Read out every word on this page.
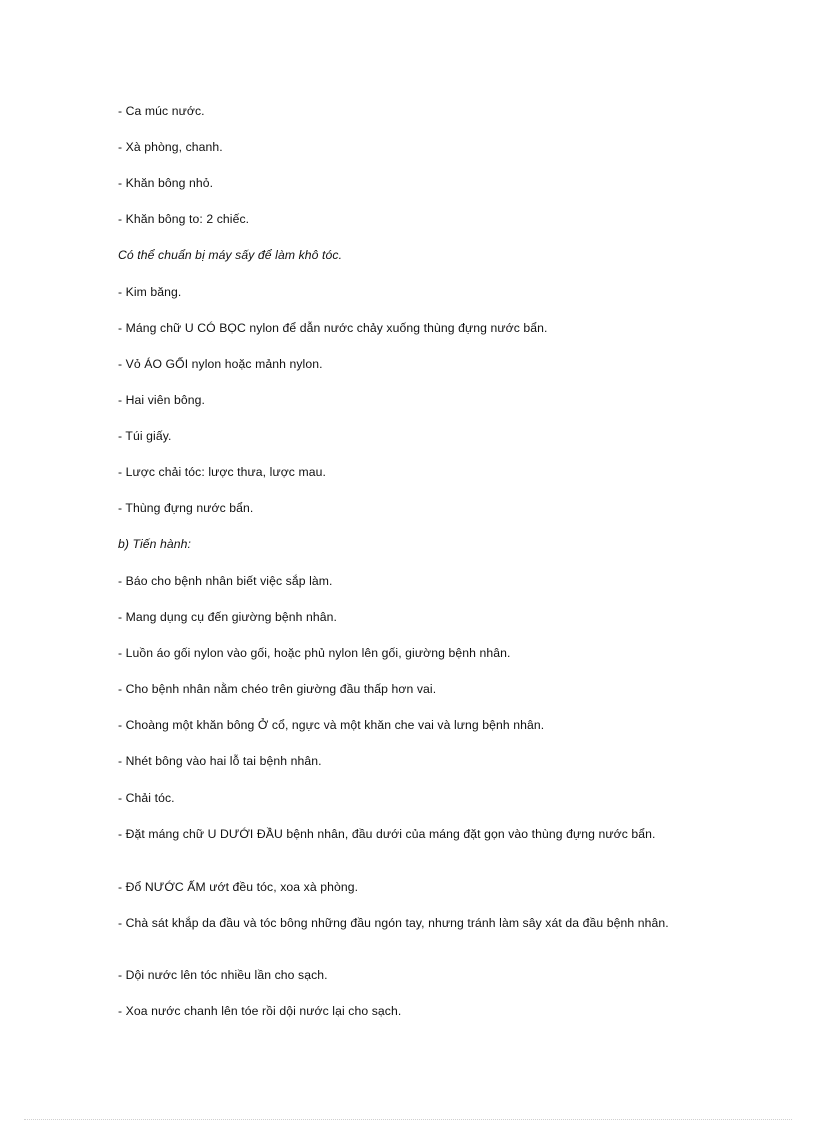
- Ca múc nước.
- Xà phòng, chanh.
- Khăn bông nhỏ.
- Khăn bông to: 2 chiếc.
Có thể chuẩn bị máy sấy để làm khô tóc.
- Kim băng.
- Máng chữ U CÓ BỌC nylon để dẫn nước chảy xuống thùng đựng nước bẩn.
- Vỏ ÁO GỐI nylon hoặc mảnh nylon.
- Hai viên bông.
- Túi giấy.
- Lược chải tóc: lược thưa, lược mau.
- Thùng đựng nước bẩn.
b) Tiến hành:
- Báo cho bệnh nhân biết việc sắp làm.
- Mang dụng cụ đến giường bệnh nhân.
- Luồn áo gối nylon vào gối, hoặc phủ nylon lên gối, giường bệnh nhân.
- Cho bệnh nhân nằm chéo trên giường đầu thấp hơn vai.
- Choàng một khăn bông Ở cổ, ngực và một khăn che vai và lưng bệnh nhân.
- Nhét bông vào hai lỗ tai bệnh nhân.
- Chải tóc.
- Đặt máng chữ U DƯỚI ĐẦU bệnh nhân, đầu dưới của máng đặt gọn vào thùng đựng nước bẩn.
- Đổ NƯỚC ẤM ướt đều tóc, xoa xà phòng.
- Chà sát khắp da đầu và tóc bông những đầu ngón tay, nhưng tránh làm sây xát da đầu bệnh nhân.
- Dội nước lên tóc nhiều lần cho sạch.
- Xoa nước chanh lên tóe rồi dội nước lại cho sạch.
